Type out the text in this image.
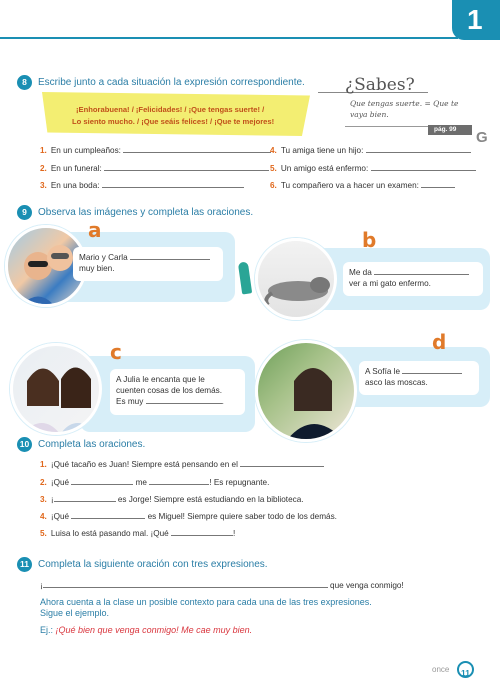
1
8	Escribe junto a cada situación la expresión correspondiente.
¡Enhorabuena! / ¡Felicidades! / ¡Que tengas suerte! /
Lo siento mucho. / ¡Que seáis felices! / ¡Que te mejores!
¿Sabes?
Que tengas suerte. = Que te
vaya bien.
pág. 99 G
1. En un cumpleaños:
2. En un funeral:
3. En una boda:
4. Tu amiga tiene un hijo:
5. Un amigo está enfermo:
6. Tu compañero va a hacer un examen:
9	Observa las imágenes y completa las oraciones.
a
Mario y Carla
muy bien.
b
Me da
ver a mi gato enfermo.
c
A Julia le encanta que le
cuenten cosas de los demás.
Es muy	.
d
A Sofía le
asco las moscas.
10 Completa las oraciones.
1. ¡Qué tacaño es Juan! Siempre está pensando en el
2. ¡Qué	me	! Es repugnante.
3. ¡	es Jorge! Siempre está estudiando en la biblioteca.
4. ¡Qué	es Miguel! Siempre quiere saber todo de los demás.
5. Luisa lo está pasando mal. ¡Qué	!
11 Completa la siguiente oración con tres expresiones.
¡	que venga conmigo!
Ahora cuenta a la clase un posible contexto para cada una de las tres expresiones.
Sigue el ejemplo.
Ej.: ¡Qué bien que venga conmigo! Me cae muy bien.
once	11
